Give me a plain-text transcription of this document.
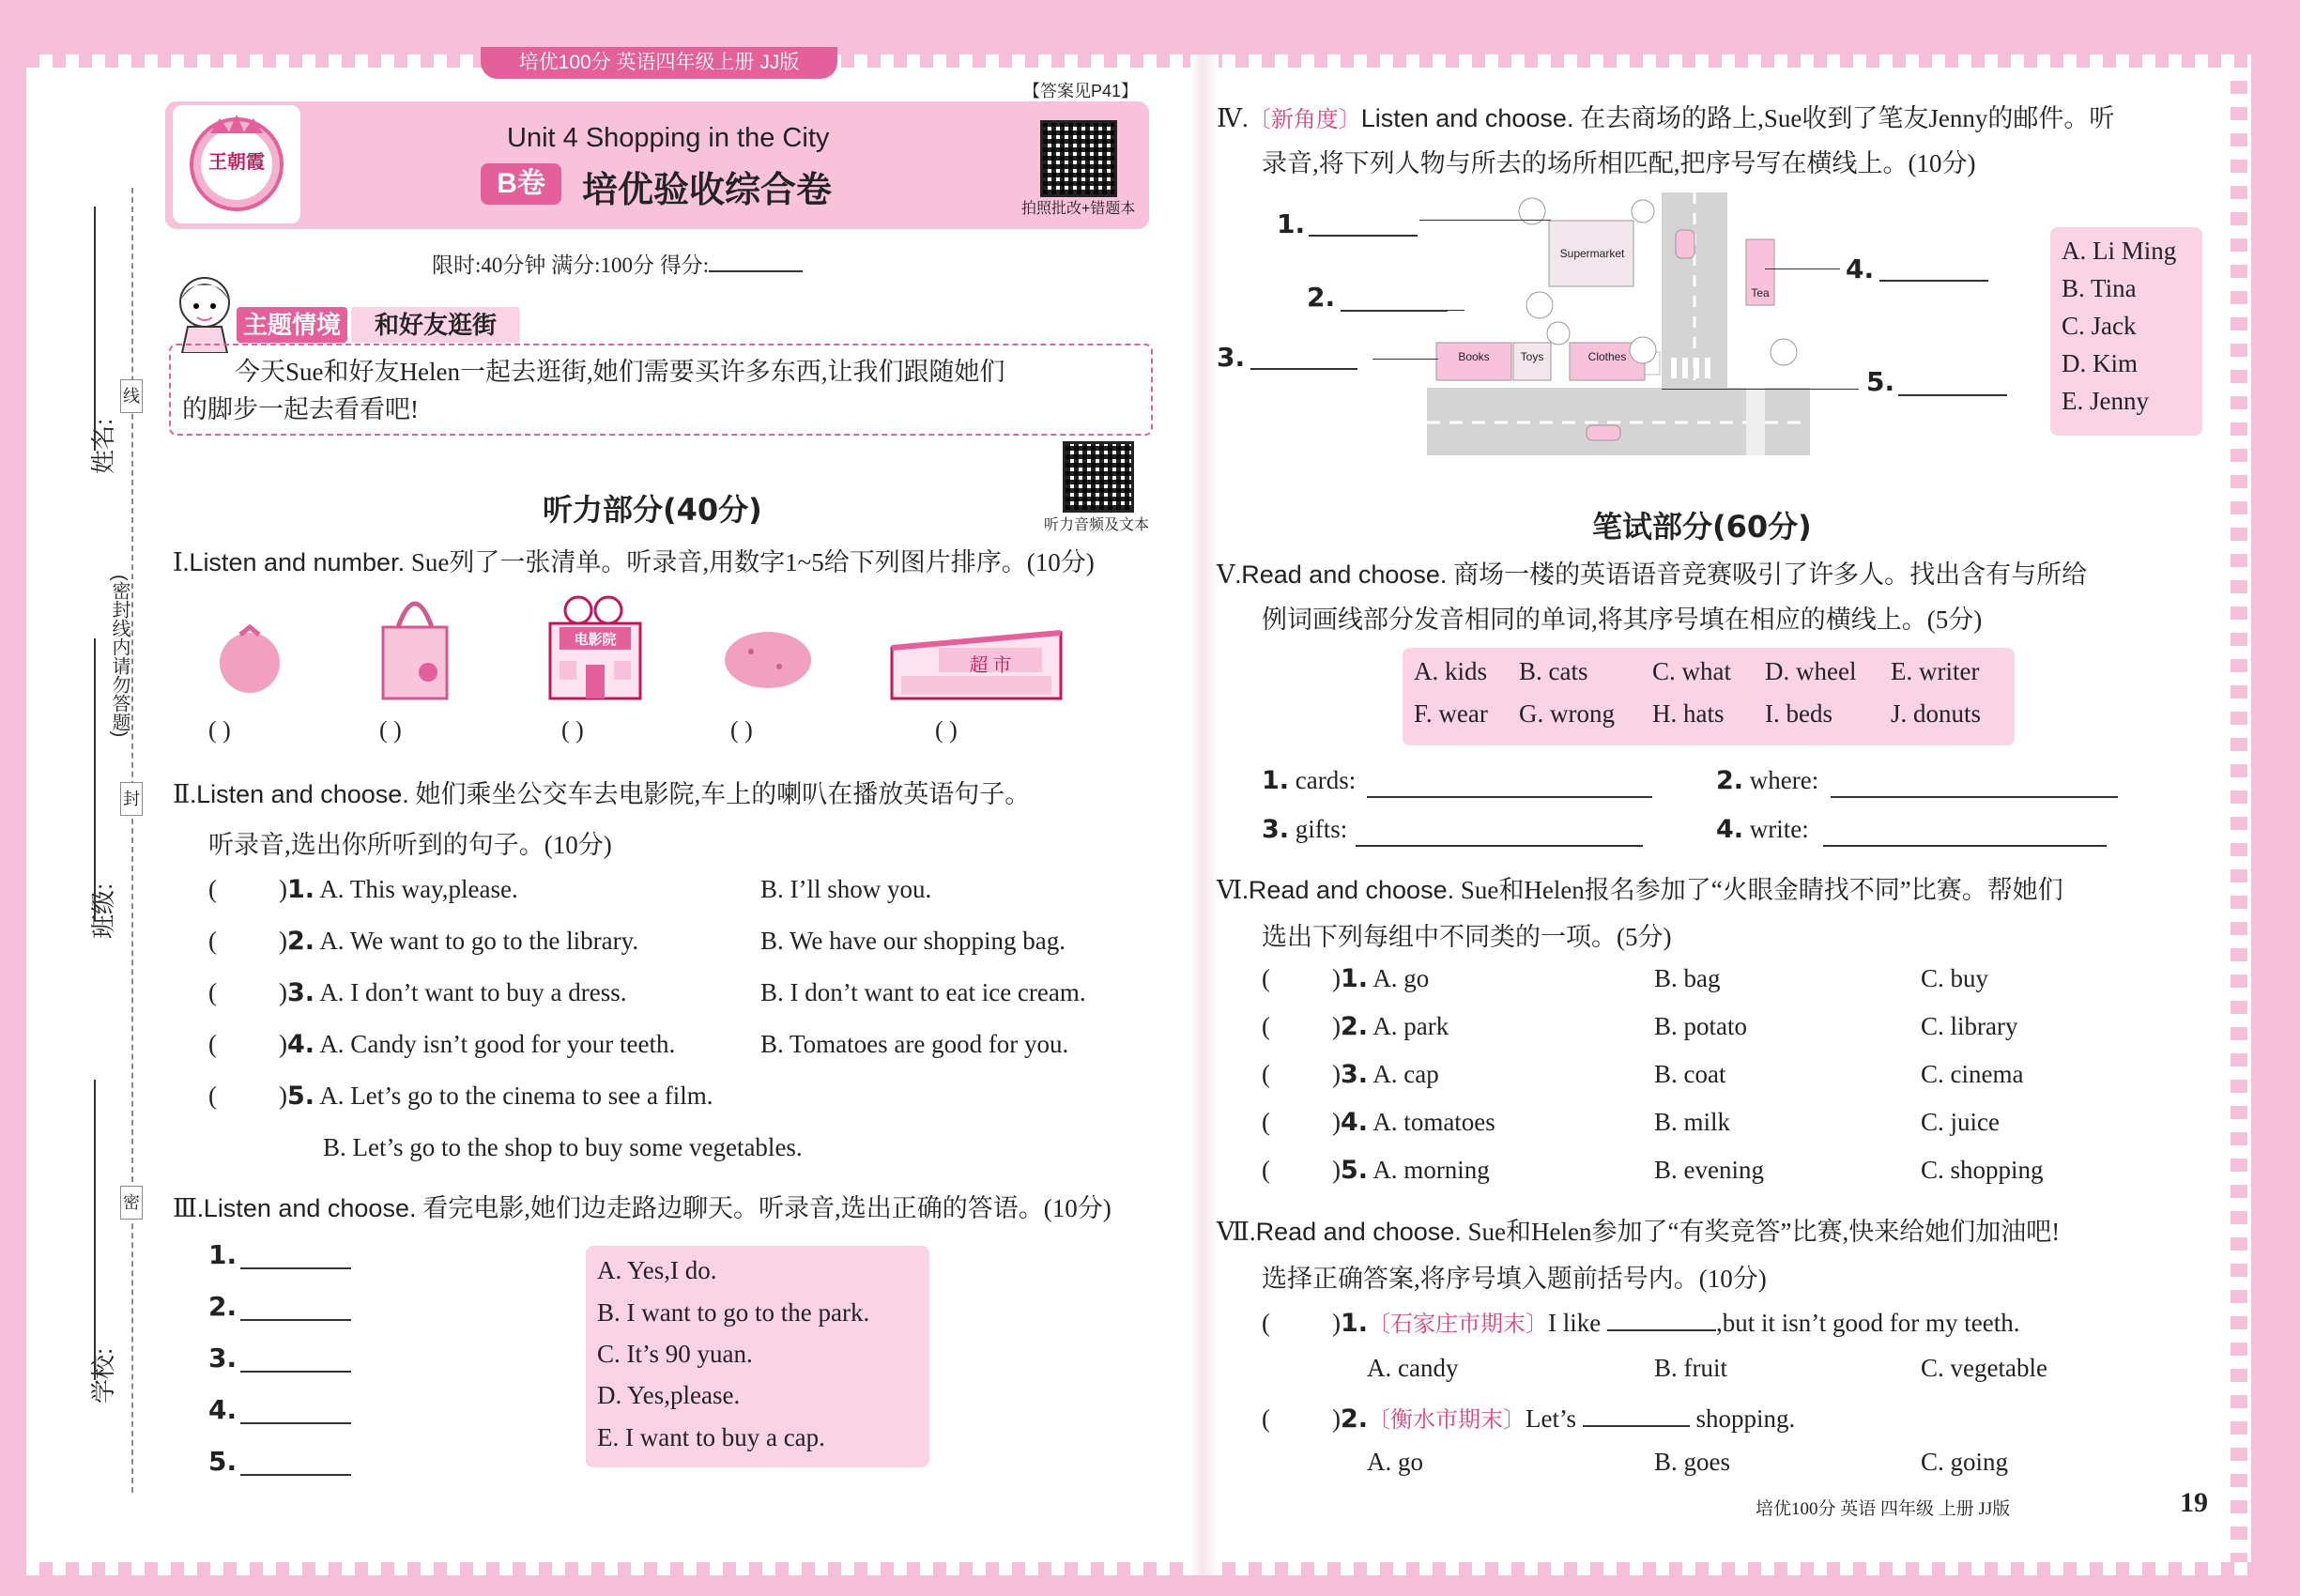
培优100分 英语四年级上册 JJ版
姓名:
班级:
学校:
(密封线内请勿答题)
线
封
密
【答案见P41】
王朝霞
Unit 4 Shopping in the City
B卷	培优验收综合卷	拍照批改+错题本
限时:40分钟 满分:100分 得分:
主题情境	和好友逛街
今天Sue和好友Helen一起去逛街,她们需要买许多东西,让我们跟随她们
的脚步一起去看看吧!
听力音频及文本
听力部分(40分)
Ⅰ.Listen and number. Sue列了一张清单。听录音,用数字1~5给下列图片排序。(10分)
电影院
超 市
( )	( )	( )	( )	( )
Ⅱ.Listen and choose. 她们乘坐公交车去电影院,车上的喇叭在播放英语句子。
听录音,选出你所听到的句子。(10分)
( )1. A. This way,please.	B. I’ll show you.
( )2. A. We want to go to the library.	B. We have our shopping bag.
( )3. A. I don’t want to buy a dress.	B. I don’t want to eat ice cream.
( )4. A. Candy isn’t good for your teeth.	B. Tomatoes are good for you.
( )5. A. Let’s go to the cinema to see a film.
B. Let’s go to the shop to buy some vegetables.
Ⅲ.Listen and choose. 看完电影,她们边走路边聊天。听录音,选出正确的答语。(10分)
1.
2.
3.
4.
5.
A. Yes,I do.
B. I want to go to the park.
C. It’s 90 yuan.
D. Yes,please.
E. I want to buy a cap.
Ⅳ.〔新角度〕Listen and choose. 在去商场的路上,Sue收到了笔友Jenny的邮件。听
录音,将下列人物与所去的场所相匹配,把序号写在横线上。(10分)
Supermarket
Tea
Books	Toys	Clothes
1.
2.
3.
4.
5.
A. Li Ming
B. Tina
C. Jack
D. Kim
E. Jenny
笔试部分(60分)
Ⅴ.Read and choose. 商场一楼的英语语音竞赛吸引了许多人。找出含有与所给
例词画线部分发音相同的单词,将其序号填在相应的横线上。(5分)
A. kids B. cats	C. what D. wheel E. writer
F. wear G. wrong H. hats I. beds J. donuts
1. cards:	2. where:
3. gifts:	4. write:
Ⅵ.Read and choose. Sue和Helen报名参加了“火眼金睛找不同”比赛。帮她们
选出下列每组中不同类的一项。(5分)
( )1. A. go	B. bag	C. buy
( )2. A. park	B. potato	C. library
( )3. A. cap	B. coat	C. cinema
( )4. A. tomatoes	B. milk	C. juice
( )5. A. morning	B. evening	C. shopping
Ⅶ.Read and choose. Sue和Helen参加了“有奖竞答”比赛,快来给她们加油吧!
选择正确答案,将序号填入题前括号内。(10分)
( )1.〔石家庄市期末〕I like	,but it isn’t good for my teeth.
A. candy	B. fruit	C. vegetable
( )2.〔衡水市期末〕Let’s	shopping.
A. go	B. goes	C. going
培优100分 英语 四年级 上册 JJ版	19
